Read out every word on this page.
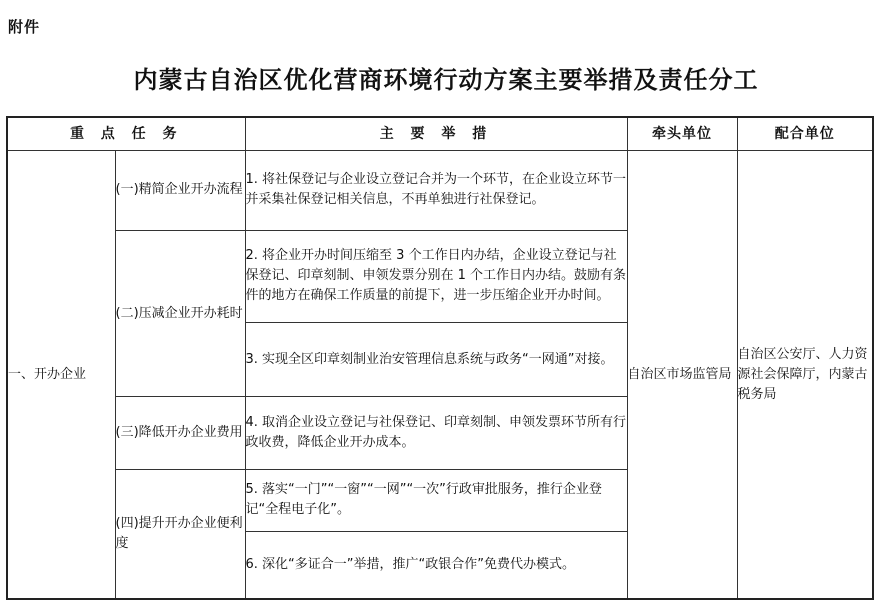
附件
内蒙古自治区优化营商环境行动方案主要举措及责任分工
重 点 任 务		主 要 举 措	牵头单位	配合单位
一、开办企业	(一)精简企业开办流程	1. 将社保登记与企业设立登记合并为一个环节，在企业设立环节一并采集社保登记相关信息，不再单独进行社保登记。	自治区市场监管局	自治区公安厅、人力资源社会保障厅，内蒙古税务局
	(二)压减企业开办耗时	2. 将企业开办时间压缩至 3 个工作日内办结，企业设立登记与社保登记、印章刻制、申领发票分别在 1 个工作日内办结。鼓励有条件的地方在确保工作质量的前提下，进一步压缩企业开办时间。		
		3. 实现全区印章刻制业治安管理信息系统与政务“一网通”对接。		
	(三)降低开办企业费用	4. 取消企业设立登记与社保登记、印章刻制、申领发票环节所有行政收费，降低企业开办成本。		
	(四)提升开办企业便利度	5. 落实“一门”“一窗”“一网”“一次”行政审批服务，推行企业登记“全程电子化”。		
		6. 深化“多证合一”举措，推广“政银合作”免费代办模式。		
